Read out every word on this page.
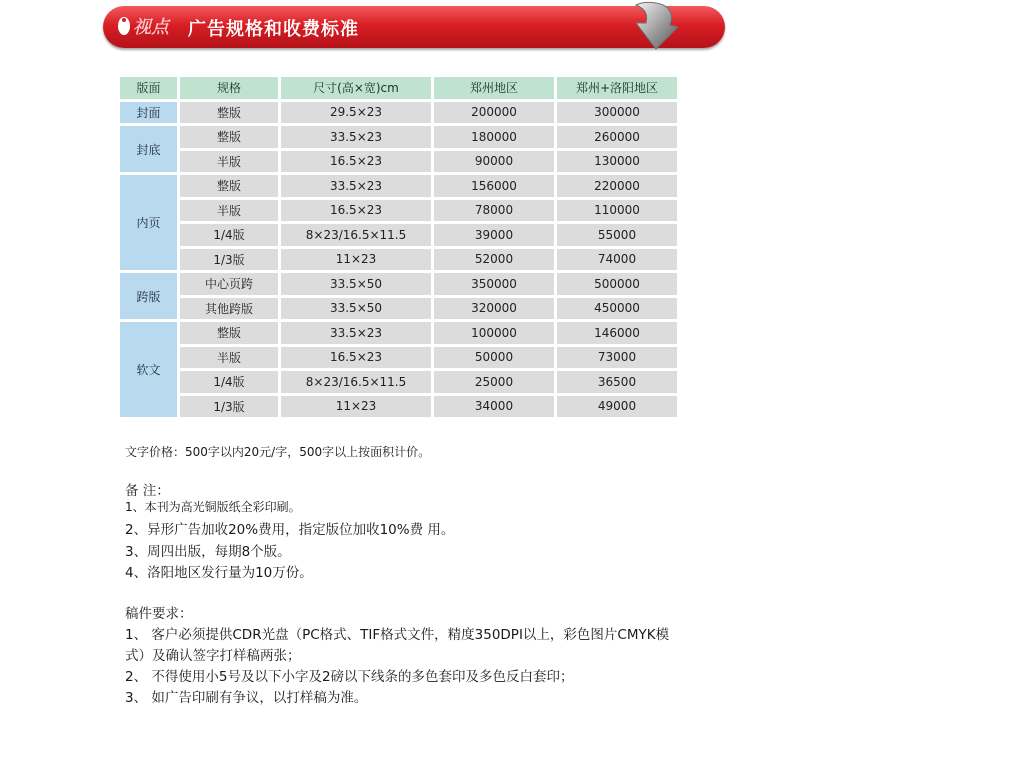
视点 广告规格和收费标准
版面	规格	尺寸(高×宽)cm	郑州地区	郑州+洛阳地区
封面	整版	29.5×23	200000	300000
封底	整版	33.5×23	180000	260000
	半版	16.5×23	90000	130000
内页	整版	33.5×23	156000	220000
	半版	16.5×23	78000	110000
	1/4版	8×23/16.5×11.5	39000	55000
	1/3版	11×23	52000	74000
跨版	中心页跨	33.5×50	350000	500000
	其他跨版	33.5×50	320000	450000
软文	整版	33.5×23	100000	146000
	半版	16.5×23	50000	73000
	1/4版	8×23/16.5×11.5	25000	36500
	1/3版	11×23	34000	49000
文字价格：500字以内20元/字，500字以上按面积计价。
备 注：
1、本刊为高光铜版纸全彩印刷。
2、异形广告加收20%费用，指定版位加收10%费 用。
3、周四出版，每期8个版。
4、洛阳地区发行量为10万份。
稿件要求：
1、 客户必须提供CDR光盘（PC格式、TIF格式文件，精度350DPI以上，彩色图片CMYK模
式）及确认签字打样稿两张；
2、 不得使用小5号及以下小字及2磅以下线条的多色套印及多色反白套印；
3、 如广告印刷有争议，以打样稿为准。
